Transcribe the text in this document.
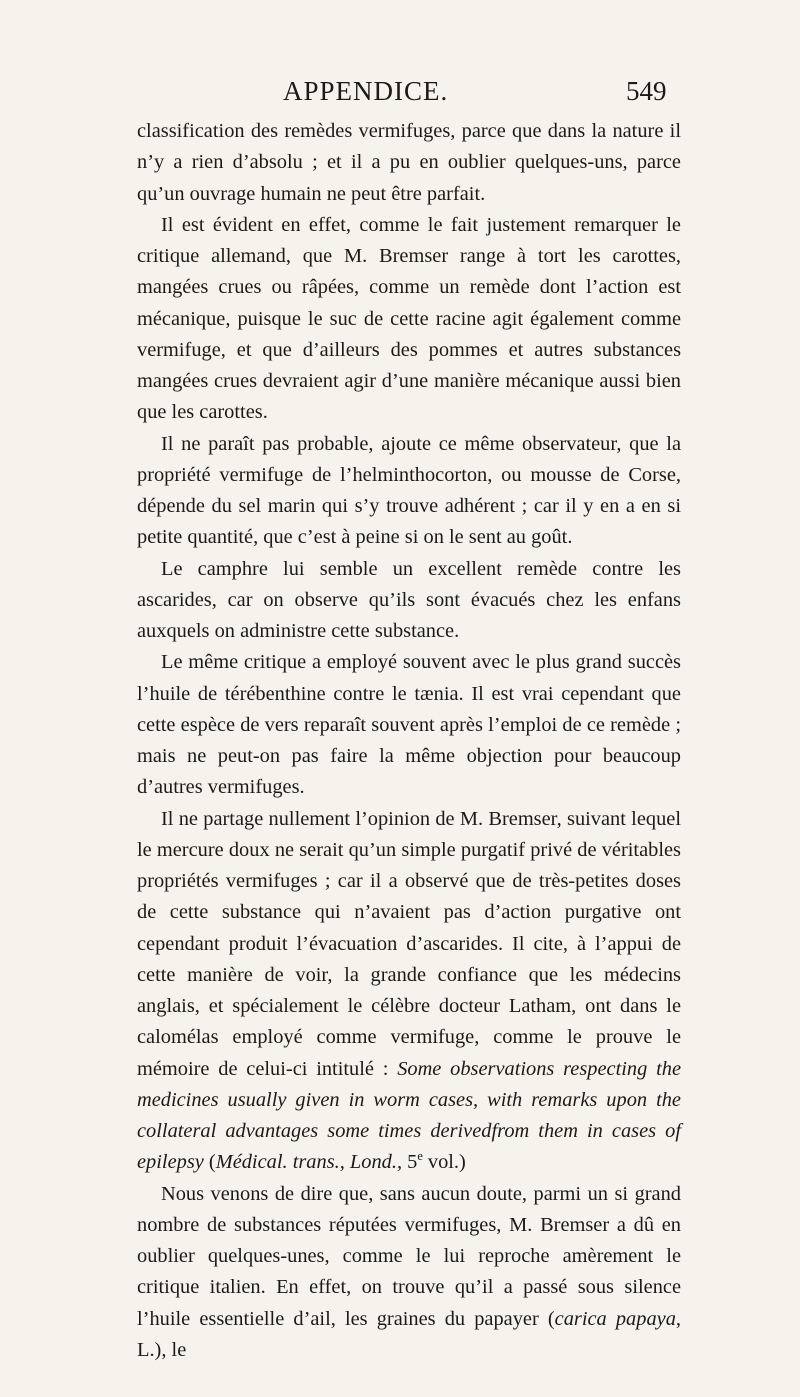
APPENDICE.	549

classification des remèdes vermifuges, parce que dans la nature il n’y a rien d’absolu ; et il a pu en oublier quelques-uns, parce qu’un ouvrage humain ne peut être parfait.

Il est évident en effet, comme le fait justement remarquer le critique allemand, que M. Bremser range à tort les carottes, mangées crues ou râpées, comme un remède dont l’action est mécanique, puisque le suc de cette racine agit également comme vermifuge, et que d’ailleurs des pommes et autres substances mangées crues devraient agir d’une manière mécanique aussi bien que les carottes.

Il ne paraît pas probable, ajoute ce même observateur, que la propriété vermifuge de l’helminthocorton, ou mousse de Corse, dépende du sel marin qui s’y trouve adhérent ; car il y en a en si petite quantité, que c’est à peine si on le sent au goût.

Le camphre lui semble un excellent remède contre les ascarides, car on observe qu’ils sont évacués chez les enfans auxquels on administre cette substance.

Le même critique a employé souvent avec le plus grand succès l’huile de térébenthine contre le tænia. Il est vrai cependant que cette espèce de vers reparaît souvent après l’emploi de ce remède ; mais ne peut-on pas faire la même objection pour beaucoup d’autres vermifuges.

Il ne partage nullement l’opinion de M. Bremser, suivant lequel le mercure doux ne serait qu’un simple purgatif privé de véritables propriétés vermifuges ; car il a observé que de très-petites doses de cette substance qui n’avaient pas d’action purgative ont cependant produit l’évacuation d’ascarides. Il cite, à l’appui de cette manière de voir, la grande confiance que les médecins anglais, et spécialement le célèbre docteur Latham, ont dans le calomélas employé comme vermifuge, comme le prouve le mémoire de celui-ci intitulé : Some observations respecting the medicines usually given in worm cases, with remarks upon the collateral advantages some times derivedfrom them in cases of epilepsy (Médical. trans., Lond., 5e vol.)

Nous venons de dire que, sans aucun doute, parmi un si grand nombre de substances réputées vermifuges, M. Bremser a dû en oublier quelques-unes, comme le lui reproche amèrement le critique italien. En effet, on trouve qu’il a passé sous silence l’huile essentielle d’ail, les graines du papayer (carica papaya, L.), le
